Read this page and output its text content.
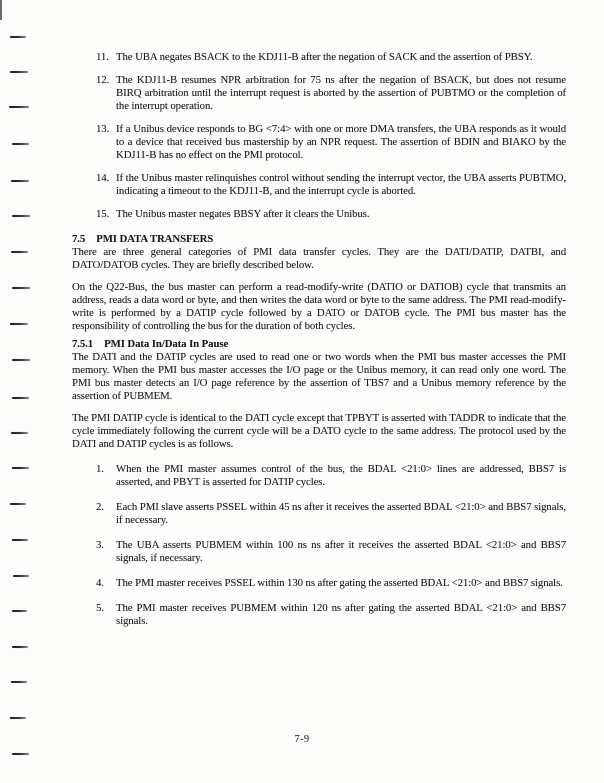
11. The UBA negates BSACK to the KDJ11-B after the negation of SACK and the assertion of PBSY.
12. The KDJ11-B resumes NPR arbitration for 75 ns after the negation of BSACK, but does not resume BIRQ arbitration until the interrupt request is aborted by the assertion of PUBTMO or the completion of the interrupt operation.
13. If a Unibus device responds to BG <7:4> with one or more DMA transfers, the UBA responds as it would to a device that received bus mastership by an NPR request. The assertion of BDIN and BIAKO by the KDJ11-B has no effect on the PMI protocol.
14. If the Unibus master relinquishes control without sending the interrupt vector, the UBA asserts PUBTMO, indicating a timeout to the KDJ11-B, and the interrupt cycle is aborted.
15. The Unibus master negates BBSY after it clears the Unibus.
7.5 PMI DATA TRANSFERS

There are three general categories of PMI data transfer cycles. They are the DATI/DATIP, DATBI, and DATO/DATOB cycles. They are briefly described below.

On the Q22-Bus, the bus master can perform a read-modify-write (DATIO or DATIOB) cycle that transmits an address, reads a data word or byte, and then writes the data word or byte to the same address. The PMI read-modify-write is performed by a DATIP cycle followed by a DATO or DATOB cycle. The PMI bus master has the responsibility of controlling the bus for the duration of both cycles.

7.5.1 PMI Data In/Data In Pause

The DATI and the DATIP cycles are used to read one or two words when the PMI bus master accesses the PMI memory. When the PMI bus master accesses the I/O page or the Unibus memory, it can read only one word. The PMI bus master detects an I/O page reference by the assertion of TBS7 and a Unibus memory reference by the assertion of PUBMEM.

The PMI DATIP cycle is identical to the DATI cycle except that TPBYT is asserted with TADDR to indicate that the cycle immediately following the current cycle will be a DATO cycle to the same address. The protocol used by the DATI and DATIP cycles is as follows.

1.	When the PMI master assumes control of the bus, the BDAL <21:0> lines are addressed, BBS7 is asserted, and PBYT is asserted for DATIP cycles.
2.	Each PMI slave asserts PSSEL within 45 ns after it receives the asserted BDAL <21:0> and BBS7 signals, if necessary.
3.	The UBA asserts PUBMEM within 100 ns ns after it receives the asserted BDAL <21:0> and BBS7 signals, if necessary.
4.	The PMI master receives PSSEL within 130 ns after gating the asserted BDAL <21:0> and BBS7 signals.
5.	The PMI master receives PUBMEM within 120 ns after gating the asserted BDAL <21:0> and BBS7 signals.
7-9
